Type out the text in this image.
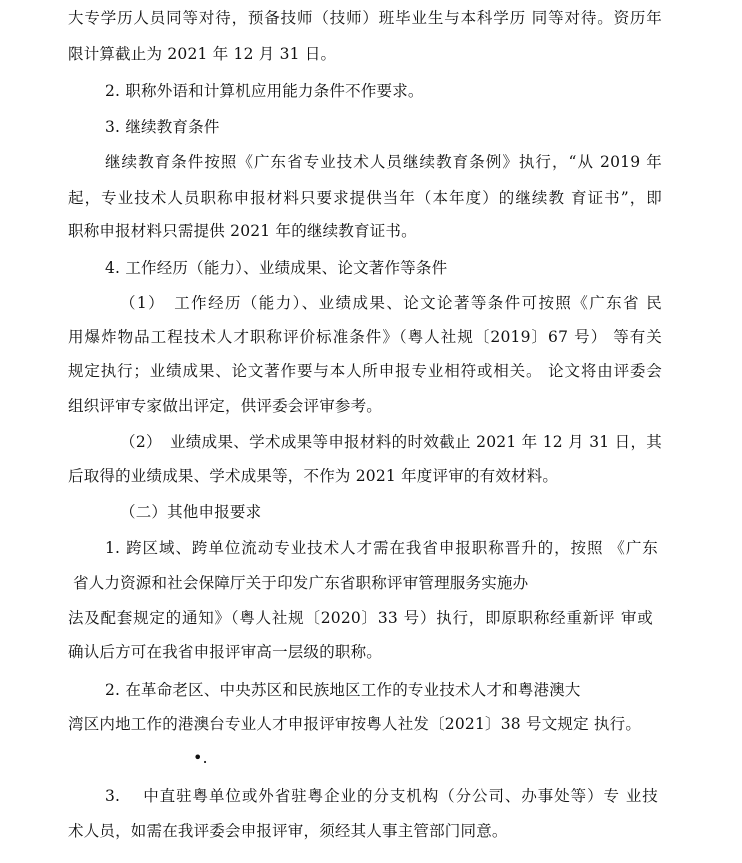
大专学历人员同等对待，预备技师（技师）班毕业生与本科学历 同等对待。资历年
限计算截止为 2021 年 12 月 31 日。
2. 职称外语和计算机应用能力条件不作要求。
3. 继续教育条件
继续教育条件按照《广东省专业技术人员继续教育条例》执行，“从 2019 年
起，专业技术人员职称申报材料只要求提供当年（本年度）的继续教 育证书”，即
职称申报材料只需提供 2021 年的继续教育证书。
4. 工作经历（能力）、业绩成果、论文著作等条件
（1）　工作经历（能力）、业绩成果、论文论著等条件可按照《广东省 民
用爆炸物品工程技术人才职称评价标准条件》（粤人社规〔2019〕67 号） 等有关
规定执行；业绩成果、论文著作要与本人所申报专业相符或相关。 论文将由评委会
组织评审专家做出评定，供评委会评审参考。
（2）　业绩成果、学术成果等申报材料的时效截止 2021 年 12 月 31 日，其
后取得的业绩成果、学术成果等，不作为 2021 年度评审的有效材料。
（二）其他申报要求
1. 跨区域、跨单位流动专业技术人才需在我省申报职称晋升的，按照 《广东
省人力资源和社会保障厅关于印发广东省职称评审管理服务实施办
法及配套规定的通知》（粤人社规〔2020〕33 号）执行，即原职称经重新评 审或
确认后方可在我省申报评审高一层级的职称。
2. 在革命老区、中央苏区和民族地区工作的专业技术人才和粤港澳大
湾区内地工作的港澳台专业人才申报评审按粤人社发〔2021〕38 号文规定 执行。
•.
3.　 中直驻粤单位或外省驻粤企业的分支机构（分公司、办事处等）专 业技
术人员，如需在我评委会申报评审，须经其人事主管部门同意。
